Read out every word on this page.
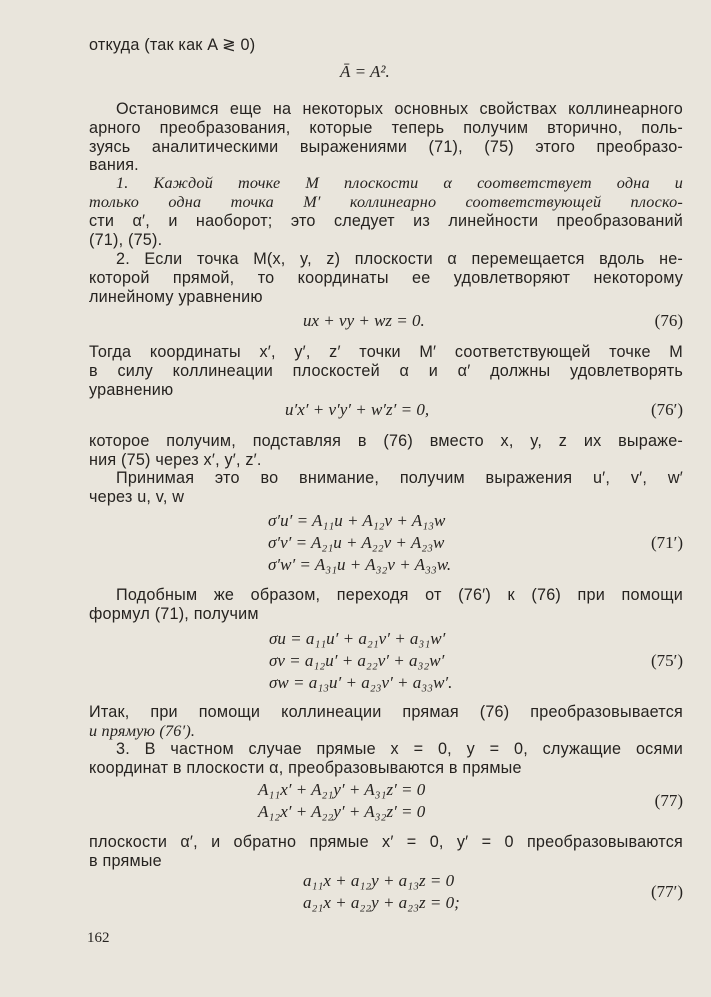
откуда (так как A ≷ 0)
Ā = A².
Остановимся еще на некоторых основных свойствах коллинеарного
арного преобразования, которые теперь получим вторично, поль-
зуясь аналитическими выражениями (71), (75) этого преобразо-
вания.
1. Каждой точке M плоскости α соответствует одна и
только одна точка M′ коллинеарно соответствующей плоско-
сти α′, и наоборот; это следует из линейности преобразований
(71), (75).
2. Если точка M(x, y, z) плоскости α перемещается вдоль не-
которой прямой, то координаты ее удовлетворяют некоторому
линейному уравнению
ux + vy + wz = 0.	(76)
Тогда координаты x′, y′, z′ точки M′ соответствующей точке M
в силу коллинеации плоскостей α и α′ должны удовлетворять
уравнению
u′x′ + v′y′ + w′z′ = 0,	(76′)
которое получим, подставляя в (76) вместо x, y, z их выраже-
ния (75) через x′, y′, z′.
Принимая это во внимание, получим выражения u′, v′, w′
через u, v, w
σ′u′ = A₁₁u + A₁₂v + A₁₃w
σ′v′ = A₂₁u + A₂₂v + A₂₃w
σ′w′ = A₃₁u + A₃₂v + A₃₃w.
(71′)
Подобным же образом, переходя от (76′) к (76) при помощи
формул (71), получим
σu = a₁₁u′ + a₂₁v′ + a₃₁w′
σv = a₁₂u′ + a₂₂v′ + a₃₂w′
σw = a₁₃u′ + a₂₃v′ + a₃₃w′.
(75′)
Итак, при помощи коллинеации прямая (76) преобразовывается
и прямую (76′).
3. В частном случае прямые x = 0, y = 0, служащие осями
координат в плоскости α, преобразовываются в прямые
A₁₁x′ + A₂₁y′ + A₃₁z′ = 0
A₁₂x′ + A₂₂y′ + A₃₂z′ = 0
(77)
плоскости α′, и обратно прямые x′ = 0, y′ = 0 преобразовываются
в прямые
a₁₁x + a₁₂y + a₁₃z = 0
a₂₁x + a₂₂y + a₂₃z = 0;
(77′)
162
